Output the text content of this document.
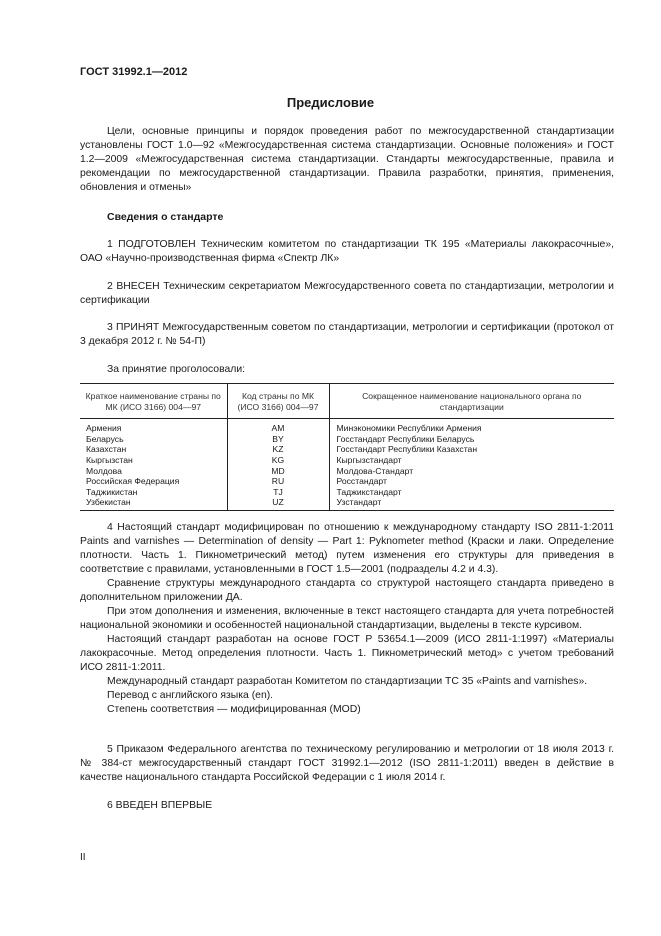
ГОСТ 31992.1—2012
Предисловие

Цели, основные принципы и порядок проведения работ по межгосударственной стандартизации установлены ГОСТ 1.0—92 «Межгосударственная система стандартизации. Основные положения» и ГОСТ 1.2—2009 «Межгосударственная система стандартизации. Стандарты межгосударственные, правила и рекомендации по межгосударственной стандартизации. Правила разработки, принятия, применения, обновления и отмены»

Сведения о стандарте

1 ПОДГОТОВЛЕН Техническим комитетом по стандартизации ТК 195 «Материалы лакокрасочные», ОАО «Научно-производственная фирма «Спектр ЛК»

2 ВНЕСЕН Техническим секретариатом Межгосударственного совета по стандартизации, метрологии и сертификации

3 ПРИНЯТ Межгосударственным советом по стандартизации, метрологии и сертификации (протокол от 3 декабря 2012 г. № 54-П)

За принятие проголосовали:

Краткое наименование страны по МК (ИСО 3166) 004—97	Код страны по МК (ИСО 3166) 004—97	Сокращенное наименование национального органа по стандартизации
Армения	AM	Минэкономики Республики Армения
Беларусь	BY	Госстандарт Республики Беларусь
Казахстан	KZ	Госстандарт Республики Казахстан
Кыргызстан	KG	Кыргызстандарт
Молдова	MD	Молдова-Стандарт
Российская Федерация	RU	Росстандарт
Таджикистан	TJ	Таджикстандарт
Узбекистан	UZ	Узстандарт

4 Настоящий стандарт модифицирован по отношению к международному стандарту ISO 2811-1:2011 Paints and varnishes — Determination of density — Part 1: Pyknometer method (Краски и лаки. Определение плотности. Часть 1. Пикнометрический метод) путем изменения его структуры для приведения в соответствие с правилами, установленными в ГОСТ 1.5—2001 (подразделы 4.2 и 4.3).

Сравнение структуры международного стандарта со структурой настоящего стандарта приведено в дополнительном приложении ДА.

При этом дополнения и изменения, включенные в текст настоящего стандарта для учета потребностей национальной экономики и особенностей национальной стандартизации, выделены в тексте курсивом.

Настоящий стандарт разработан на основе ГОСТ Р 53654.1—2009 (ИСО 2811-1:1997) «Материалы лакокрасочные. Метод определения плотности. Часть 1. Пикнометрический метод» с учетом требований ИСО 2811-1:2011.

Международный стандарт разработан Комитетом по стандартизации ТС 35 «Paints and varnishes».

Перевод с английского языка (en).

Степень соответствия — модифицированная (MOD)

5 Приказом Федерального агентства по техническому регулированию и метрологии от 18 июля 2013 г. № 384-ст межгосударственный стандарт ГОСТ 31992.1—2012 (ISO 2811-1:2011) введен в действие в качестве национального стандарта Российской Федерации с 1 июля 2014 г.

6 ВВЕДЕН ВПЕРВЫЕ

II
